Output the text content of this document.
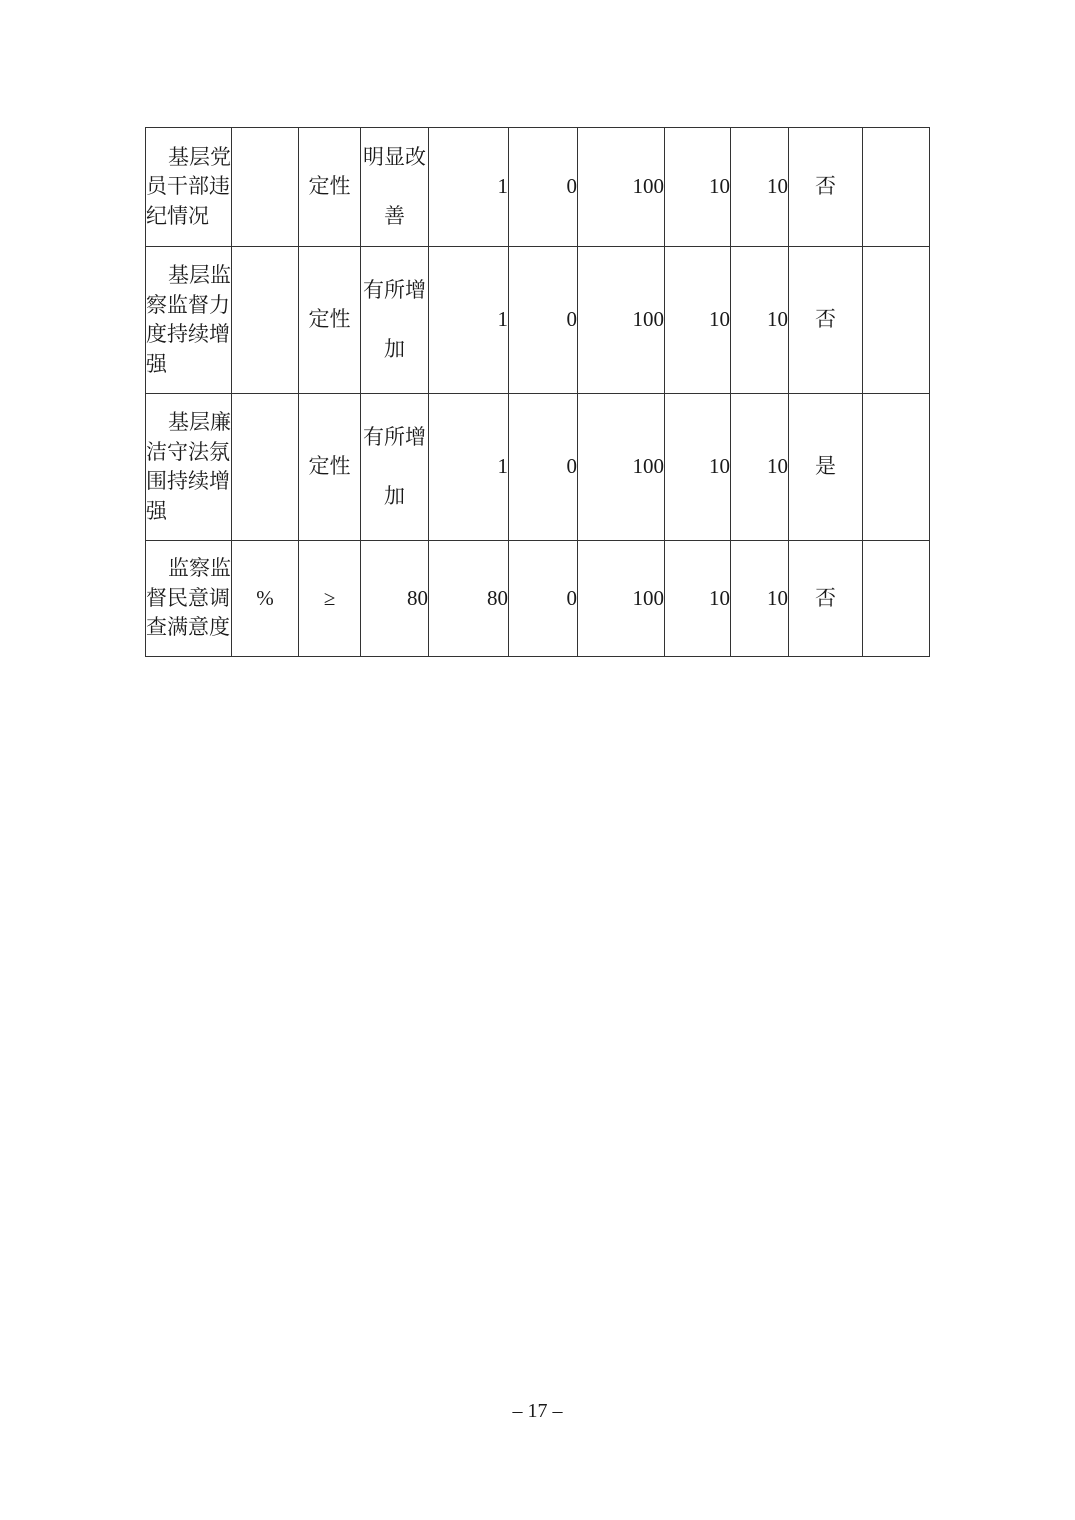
基层党员干部违纪情况		定性	明显改善	1	0	100	10	10	否	
基层监察监督力度持续增强		定性	有所增加	1	0	100	10	10	否	
基层廉洁守法氛围持续增强		定性	有所增加	1	0	100	10	10	是	
监察监督民意调查满意度	%	≥	80	80	0	100	10	10	否	
– 17 –
